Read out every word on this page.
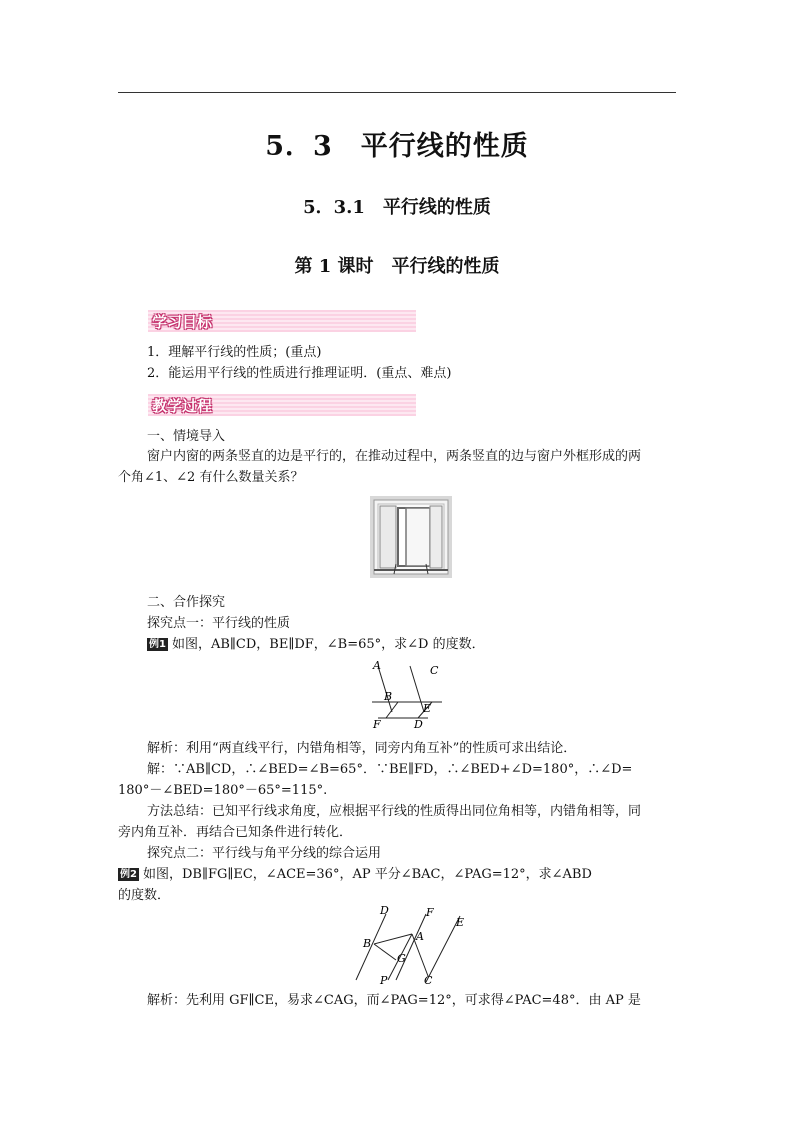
5．3　平行线的性质
5．3.1　平行线的性质
第 1 课时　平行线的性质
学习目标
1．理解平行线的性质；(重点)
2．能运用平行线的性质进行推理证明．(重点、难点)
教学过程
一、情境导入
窗户内窗的两条竖直的边是平行的，在推动过程中，两条竖直的边与窗户外框形成的两
个角∠1、∠2 有什么数量关系？
二、合作探究
探究点一：平行线的性质
例1 如图，AB∥CD，BE∥DF，∠B=65°，求∠D 的度数．
A	C
B
E
F	D
解析：利用“两直线平行，内错角相等，同旁内角互补”的性质可求出结论．
解：∵AB∥CD，∴∠BED=∠B=65°．∵BE∥FD，∴∠BED+∠D=180°，∴∠D=
180°－∠BED=180°－65°=115°.
方法总结：已知平行线求角度，应根据平行线的性质得出同位角相等，内错角相等，同
旁内角互补．再结合已知条件进行转化．
探究点二：平行线与角平分线的综合运用
例2 如图，DB∥FG∥EC，∠ACE=36°，AP 平分∠BAC，∠PAG=12°，求∠ABD
的度数．
D	F
E
A
B
G
P	C
解析：先利用 GF∥CE，易求∠CAG，而∠PAG=12°，可求得∠PAC=48°．由 AP 是
